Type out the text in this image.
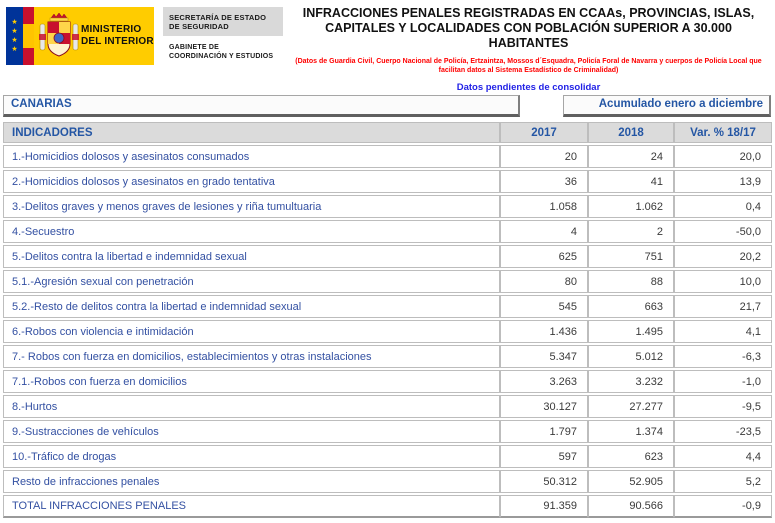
★
★
★
★
MINISTERIO
DEL INTERIOR
SECRETARÍA DE ESTADO DE SEGURIDAD
GABINETE DE COORDINACIÓN Y ESTUDIOS
INFRACCIONES PENALES REGISTRADAS EN CCAAs, PROVINCIAS, ISLAS, CAPITALES Y LOCALIDADES CON POBLACIÓN SUPERIOR A 30.000 HABITANTES
(Datos de Guardia Civil, Cuerpo Nacional de Policía, Ertzaintza, Mossos d´Esquadra, Policía Foral de Navarra y cuerpos de Policía Local que facilitan datos al Sistema Estadístico de Criminalidad)
Datos pendientes de consolidar
CANARIAS	Acumulado enero a diciembre
INDICADORES	2017	2018	Var. % 18/17
1.-Homicidios dolosos y asesinatos consumados	20	24	20,0
2.-Homicidios dolosos y asesinatos en grado tentativa	36	41	13,9
3.-Delitos graves y menos graves de lesiones y riña tumultuaria	1.058	1.062	0,4
4.-Secuestro	4	2	-50,0
5.-Delitos contra la libertad e indemnidad sexual	625	751	20,2
5.1.-Agresión sexual con penetración	80	88	10,0
5.2.-Resto de delitos contra la libertad e indemnidad sexual	545	663	21,7
6.-Robos con violencia e intimidación	1.436	1.495	4,1
7.- Robos con fuerza en domicilios, establecimientos y otras instalaciones	5.347	5.012	-6,3
7.1.-Robos con fuerza en domicilios	3.263	3.232	-1,0
8.-Hurtos	30.127	27.277	-9,5
9.-Sustracciones de vehículos	1.797	1.374	-23,5
10.-Tráfico de drogas	597	623	4,4
Resto de infracciones penales	50.312	52.905	5,2
TOTAL INFRACCIONES PENALES	91.359	90.566	-0,9
